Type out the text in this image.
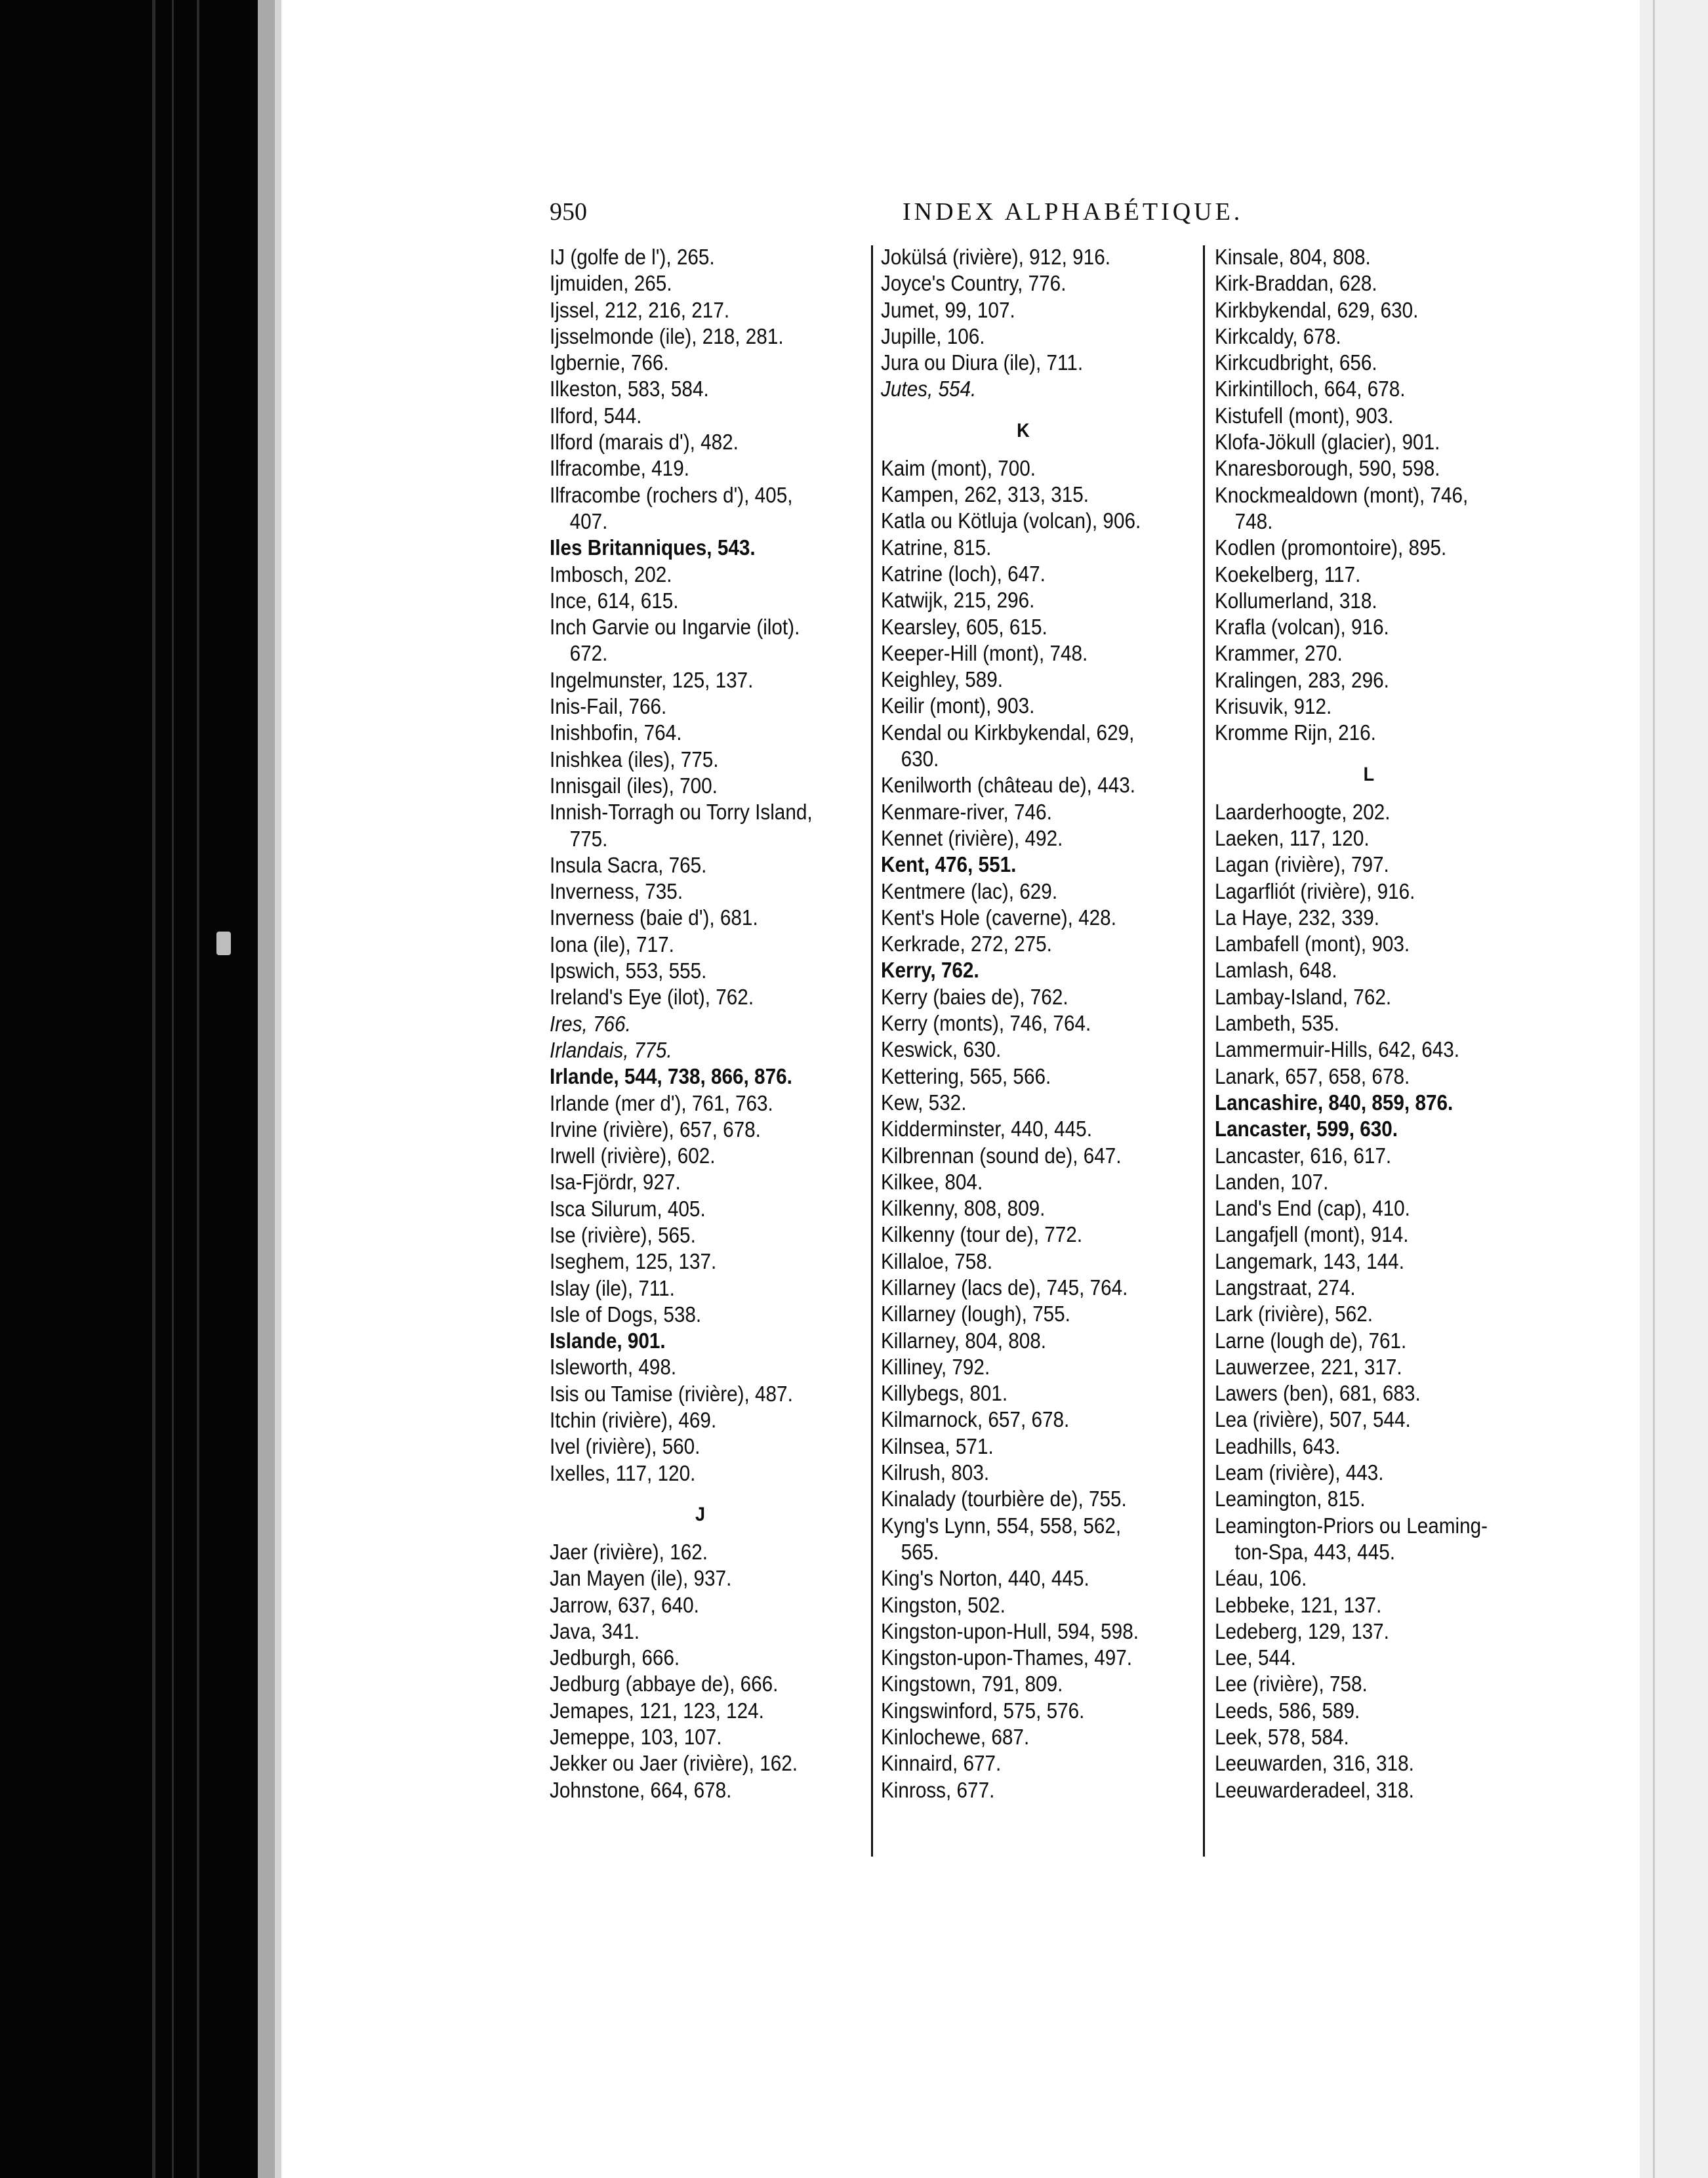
950	INDEX ALPHABÉTIQUE.
IJ (golfe de l'), 265.
Ijmuiden, 265.
Ijssel, 212, 216, 217.
Ijsselmonde (ile), 218, 281.
Igbernie, 766.
Ilkeston, 583, 584.
Ilford, 544.
Ilford (marais d'), 482.
Ilfracombe, 419.
Ilfracombe (rochers d'), 405,
407.
Iles Britanniques, 543.
Imbosch, 202.
Ince, 614, 615.
Inch Garvie ou Ingarvie (ilot).
672.
Ingelmunster, 125, 137.
Inis-Fail, 766.
Inishbofin, 764.
Inishkea (iles), 775.
Innisgail (iles), 700.
Innish-Torragh ou Torry Island,
775.
Insula Sacra, 765.
Inverness, 735.
Inverness (baie d'), 681.
Iona (ile), 717.
Ipswich, 553, 555.
Ireland's Eye (ilot), 762.
Ires, 766.
Irlandais, 775.
Irlande, 544, 738, 866, 876.
Irlande (mer d'), 761, 763.
Irvine (rivière), 657, 678.
Irwell (rivière), 602.
Isa-Fjördr, 927.
Isca Silurum, 405.
Ise (rivière), 565.
Iseghem, 125, 137.
Islay (ile), 711.
Isle of Dogs, 538.
Islande, 901.
Isleworth, 498.
Isis ou Tamise (rivière), 487.
Itchin (rivière), 469.
Ivel (rivière), 560.
Ixelles, 117, 120.
J
Jaer (rivière), 162.
Jan Mayen (ile), 937.
Jarrow, 637, 640.
Java, 341.
Jedburgh, 666.
Jedburg (abbaye de), 666.
Jemapes, 121, 123, 124.
Jemeppe, 103, 107.
Jekker ou Jaer (rivière), 162.
Johnstone, 664, 678.
Jokülsá (rivière), 912, 916.
Joyce's Country, 776.
Jumet, 99, 107.
Jupille, 106.
Jura ou Diura (ile), 711.
Jutes, 554.
K
Kaim (mont), 700.
Kampen, 262, 313, 315.
Katla ou Kötluja (volcan), 906.
Katrine, 815.
Katrine (loch), 647.
Katwijk, 215, 296.
Kearsley, 605, 615.
Keeper-Hill (mont), 748.
Keighley, 589.
Keilir (mont), 903.
Kendal ou Kirkbykendal, 629,
630.
Kenilworth (château de), 443.
Kenmare-river, 746.
Kennet (rivière), 492.
Kent, 476, 551.
Kentmere (lac), 629.
Kent's Hole (caverne), 428.
Kerkrade, 272, 275.
Kerry, 762.
Kerry (baies de), 762.
Kerry (monts), 746, 764.
Keswick, 630.
Kettering, 565, 566.
Kew, 532.
Kidderminster, 440, 445.
Kilbrennan (sound de), 647.
Kilkee, 804.
Kilkenny, 808, 809.
Kilkenny (tour de), 772.
Killaloe, 758.
Killarney (lacs de), 745, 764.
Killarney (lough), 755.
Killarney, 804, 808.
Killiney, 792.
Killybegs, 801.
Kilmarnock, 657, 678.
Kilnsea, 571.
Kilrush, 803.
Kinalady (tourbière de), 755.
Kyng's Lynn, 554, 558, 562,
565.
King's Norton, 440, 445.
Kingston, 502.
Kingston-upon-Hull, 594, 598.
Kingston-upon-Thames, 497.
Kingstown, 791, 809.
Kingswinford, 575, 576.
Kinlochewe, 687.
Kinnaird, 677.
Kinross, 677.
Kinsale, 804, 808.
Kirk-Braddan, 628.
Kirkbykendal, 629, 630.
Kirkcaldy, 678.
Kirkcudbright, 656.
Kirkintilloch, 664, 678.
Kistufell (mont), 903.
Klofa-Jökull (glacier), 901.
Knaresborough, 590, 598.
Knockmealdown (mont), 746,
748.
Kodlen (promontoire), 895.
Koekelberg, 117.
Kollumerland, 318.
Krafla (volcan), 916.
Krammer, 270.
Kralingen, 283, 296.
Krisuvik, 912.
Kromme Rijn, 216.
L
Laarderhoogte, 202.
Laeken, 117, 120.
Lagan (rivière), 797.
Lagarfliót (rivière), 916.
La Haye, 232, 339.
Lambafell (mont), 903.
Lamlash, 648.
Lambay-Island, 762.
Lambeth, 535.
Lammermuir-Hills, 642, 643.
Lanark, 657, 658, 678.
Lancashire, 840, 859, 876.
Lancaster, 599, 630.
Lancaster, 616, 617.
Landen, 107.
Land's End (cap), 410.
Langafjell (mont), 914.
Langemark, 143, 144.
Langstraat, 274.
Lark (rivière), 562.
Larne (lough de), 761.
Lauwerzee, 221, 317.
Lawers (ben), 681, 683.
Lea (rivière), 507, 544.
Leadhills, 643.
Leam (rivière), 443.
Leamington, 815.
Leamington-Priors ou Leaming-
ton-Spa, 443, 445.
Léau, 106.
Lebbeke, 121, 137.
Ledeberg, 129, 137.
Lee, 544.
Lee (rivière), 758.
Leeds, 586, 589.
Leek, 578, 584.
Leeuwarden, 316, 318.
Leeuwarderadeel, 318.
